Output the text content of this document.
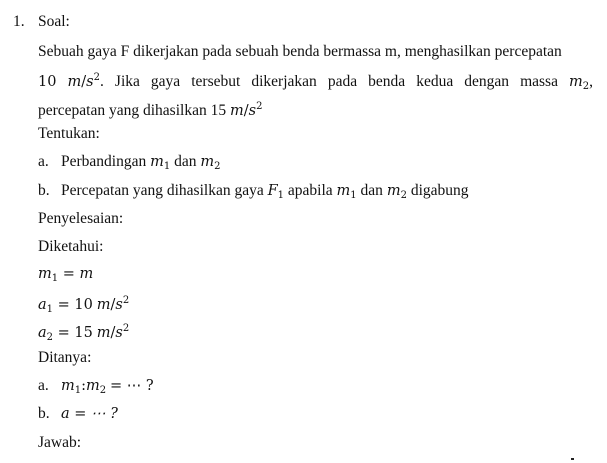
1. Soal:
Sebuah gaya F dikerjakan pada sebuah benda bermassa m, menghasilkan percepatan
10 $m/s^2$. Jika gaya tersebut dikerjakan pada benda kedua dengan massa $m_2$,
percepatan yang dihasilkan 15 $m/s^2$
Tentukan:
a. Perbandingan $m_1$ dan $m_2$
b. Percepatan yang dihasilkan gaya $F_1$ apabila $m_1$ dan $m_2$ digabung
Penyelesaian:
Diketahui:
$m_1 = m$
$a_1 = 10$ $m/s^2$
$a_2 = 15$ $m/s^2$
Ditanya:
a. $m_1:m_2$ = ⋯ ?
b. a = ⋯ ?
Jawab:
